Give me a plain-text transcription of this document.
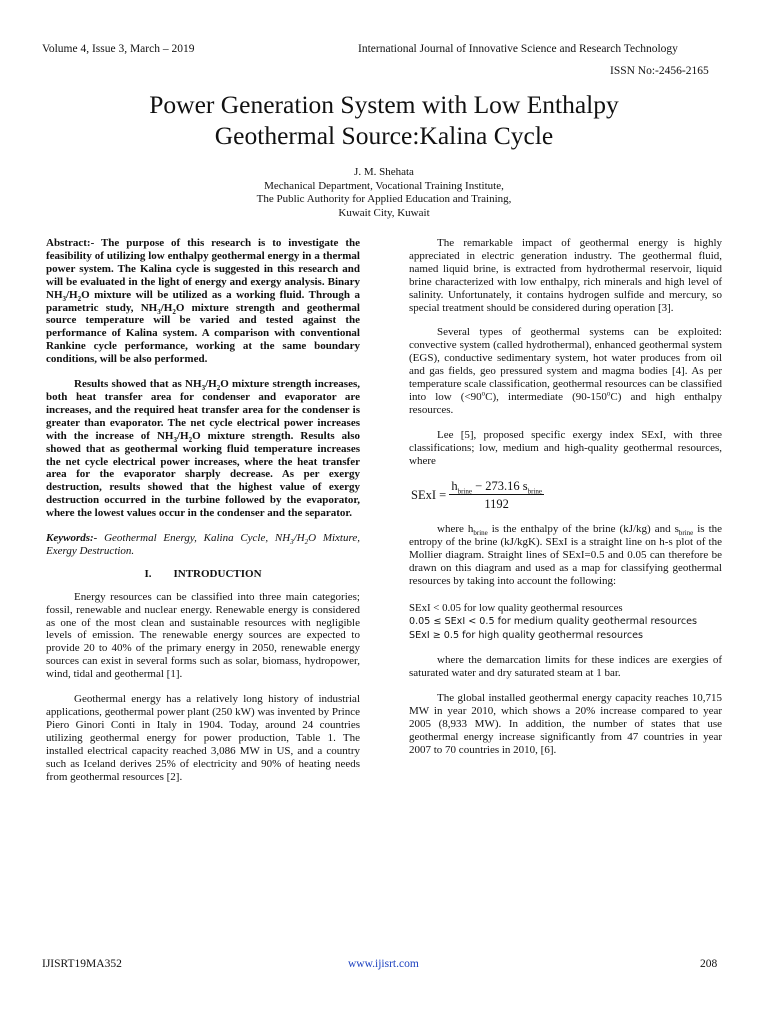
Volume 4, Issue 3, March – 2019	International Journal of Innovative Science and Research Technology
ISSN No:-2456-2165
Power Generation System with Low Enthalpy
Geothermal Source:Kalina Cycle
J. M. Shehata
Mechanical Department, Vocational Training Institute,
The Public Authority for Applied Education and Training,
Kuwait City, Kuwait

Abstract:- The purpose of this research is to investigate the feasibility of utilizing low enthalpy geothermal energy in a thermal power system. The Kalina cycle is suggested in this research and will be evaluated in the light of energy and exergy analysis. Binary $NH_3/H_2O$ mixture will be utilized as a working fluid. Through a parametric study, $NH_3/H_2O$ mixture strength and geothermal source temperature will be varied and tested against the performance of Kalina system. A comparison with conventional Rankine cycle performance, working at the same boundary conditions, will be also performed.

Results showed that as $NH_3/H_2O$ mixture strength increases, both heat transfer area for condenser and evaporator are increases, and the required heat transfer area for the condenser is greater than evaporator. The net cycle electrical power increases with the increase of $NH_3/H_2O$ mixture strength. Results also showed that as geothermal working fluid temperature increases the net cycle electrical power increases, where the heat transfer area for the evaporator sharply decrease. As per exergy destruction, results showed that the highest value of exergy destruction occurred in the turbine followed by the evaporator, where the lowest values occur in the condenser and the separator.

Keywords:- Geothermal Energy, Kalina Cycle, $NH_3/H_2O$ Mixture, Exergy Destruction.

I.        INTRODUCTION

Energy resources can be classified into three main categories; fossil, renewable and nuclear energy. Renewable energy is considered as one of the most clean and sustainable resources with negligible levels of emission. The renewable energy sources are expected to provide 20 to 40% of the primary energy in 2050, renewable energy sources can exist in several forms such as solar, biomass, hydropower, wind, tidal and geothermal [1].

Geothermal energy has a relatively long history of industrial applications, geothermal power plant (250 kW) was invented by Prince Piero Ginori Conti in Italy in 1904. Today, around 24 countries utilizing geothermal energy for power production, Table 1. The installed electrical capacity reached 3,086 MW in US, and a country such as Iceland derives 25% of electricity and 90% of heating needs from geothermal resources [2].

The remarkable impact of geothermal energy is highly appreciated in electric generation industry. The geothermal fluid, named liquid brine, is extracted from hydrothermal reservoir, liquid brine characterized with low enthalpy, rich minerals and high level of salinity. Unfortunately, it contains hydrogen sulfide and mercury, so special treatment should be considered during operation [3].

Several types of geothermal systems can be exploited: convective system (called hydrothermal), enhanced geothermal system (EGS), conductive sedimentary system, hot water produces from oil and gas fields, geo pressured system and magma bodies [4]. As per temperature scale classification, geothermal resources can be classified into low $(<90^oC)$, intermediate (90-150$^o$C) and high enthalpy resources.

Lee [5], proposed specific exergy index SExI, with three classifications; low, medium and high-quality geothermal resources, where

SExI = $\frac{h_{brine} - 273.16 s_{brine}}{1192}$

where $h_{brine}$ is the enthalpy of the brine (kJ/kg) and $s_{brine}$ is the entropy of the brine (kJ/kgK). SExI is a straight line on h-s plot of the Mollier diagram. Straight lines of SExI=0.5 and 0.05 can therefore be drawn on this diagram and used as a map for classifying geothermal resources by taking into account the following:

SExI < 0.05 for low quality geothermal resources
0.05 ≤ SExI < 0.5 for medium quality geothermal resources
SExI ≥ 0.5 for high quality geothermal resources

where the demarcation limits for these indices are exergies of saturated water and dry saturated steam at 1 bar.

The global installed geothermal energy capacity reaches 10,715 MW in year 2010, which shows a 20% increase compared to year 2005 (8,933 MW). In addition, the number of states that use geothermal energy increase significantly from 47 countries in year 2007 to 70 countries in 2010, [6].

IJISRT19MA352	www.ijisrt.com	208
